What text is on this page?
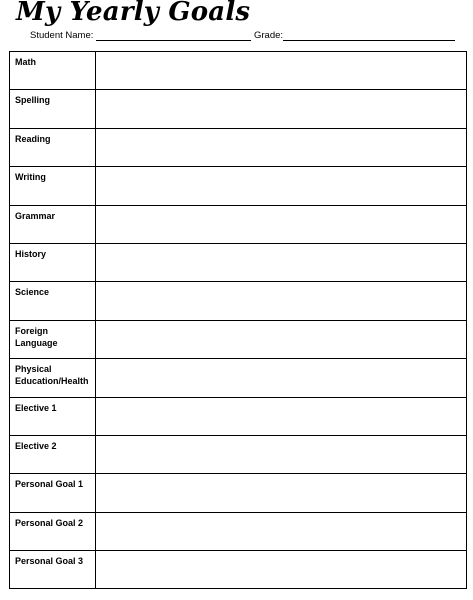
My Yearly Goals
Student Name:	Grade:
Math	
Spelling	
Reading	
Writing	
Grammar	
History	
Science	
Foreign Language	
Physical Education/Health	
Elective 1	
Elective 2	
Personal Goal 1	
Personal Goal 2	
Personal Goal 3	
